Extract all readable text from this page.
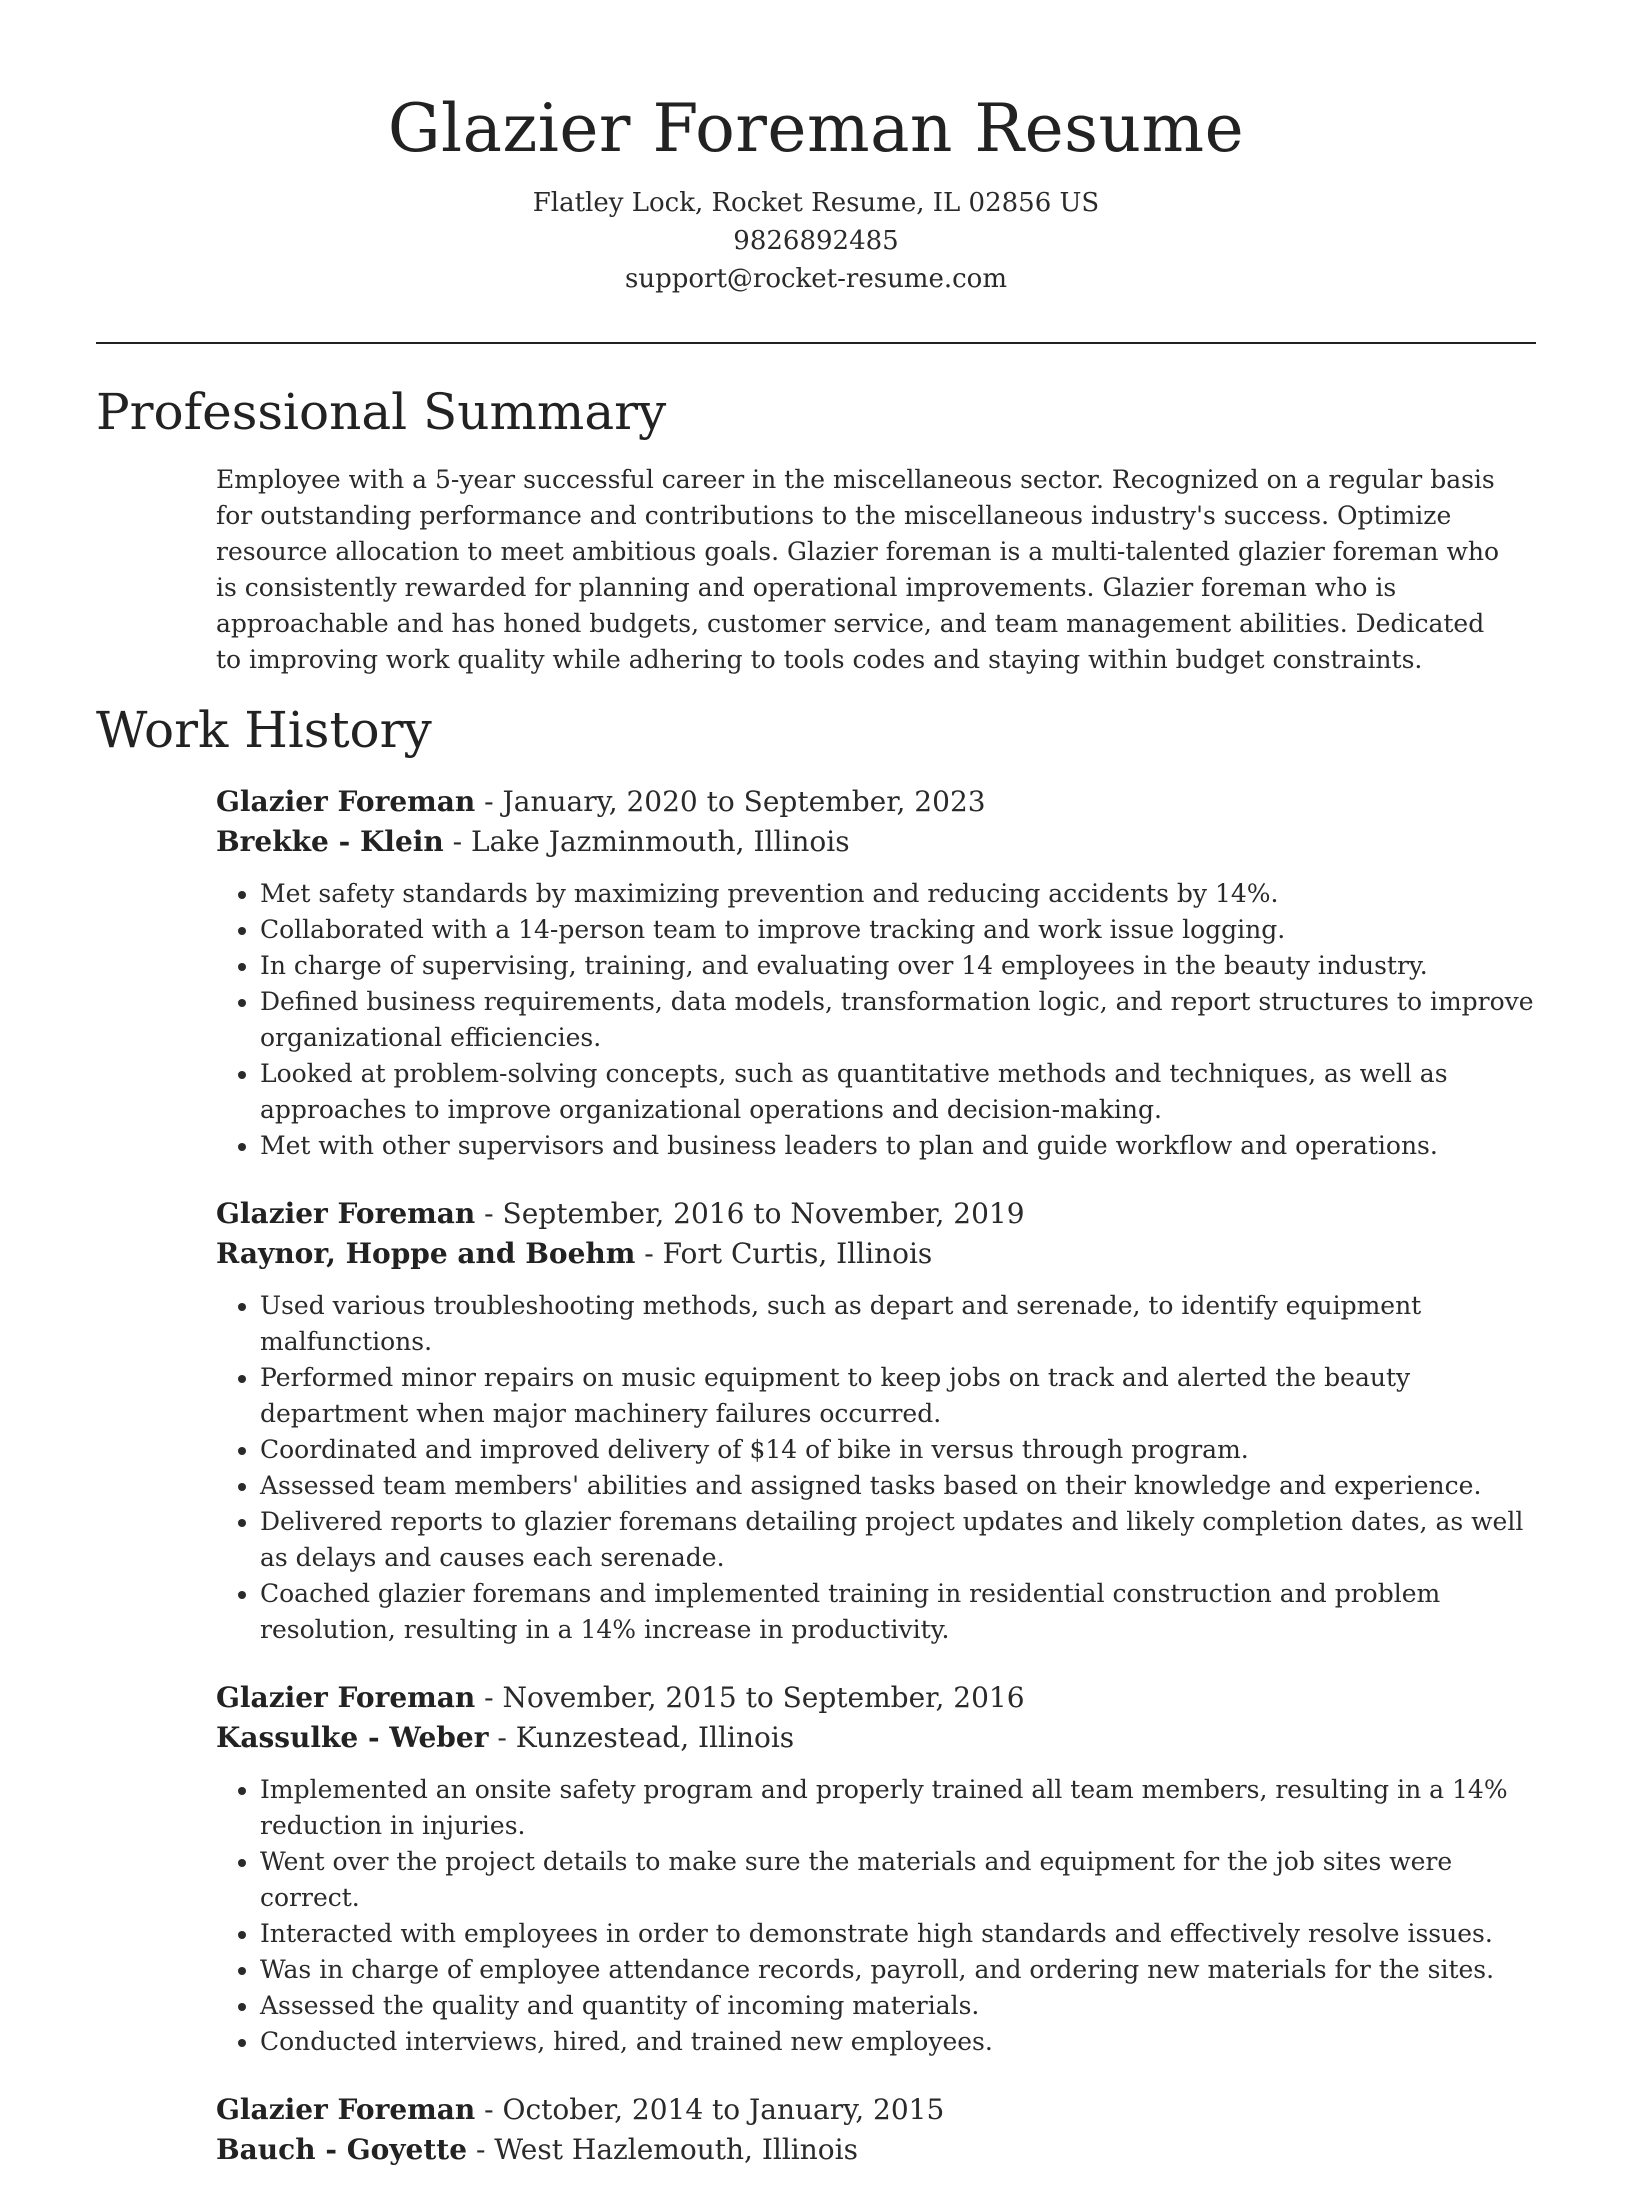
Glazier Foreman Resume
Flatley Lock, Rocket Resume, IL 02856 US
9826892485
support@rocket-resume.com
Professional Summary

Employee with a 5-year successful career in the miscellaneous sector. Recognized on a regular basis for outstanding performance and contributions to the miscellaneous industry's success. Optimize resource allocation to meet ambitious goals. Glazier foreman is a multi-talented glazier foreman who is consistently rewarded for planning and operational improvements. Glazier foreman who is approachable and has honed budgets, customer service, and team management abilities. Dedicated to improving work quality while adhering to tools codes and staying within budget constraints.

Work History

Glazier Foreman - January, 2020 to September, 2023

Brekke - Klein - Lake Jazminmouth, Illinois

• Met safety standards by maximizing prevention and reducing accidents by 14%.
• Collaborated with a 14-person team to improve tracking and work issue logging.
• In charge of supervising, training, and evaluating over 14 employees in the beauty industry.
• Defined business requirements, data models, transformation logic, and report structures to improve organizational efficiencies.
• Looked at problem-solving concepts, such as quantitative methods and techniques, as well as approaches to improve organizational operations and decision-making.
• Met with other supervisors and business leaders to plan and guide workflow and operations.

Glazier Foreman - September, 2016 to November, 2019

Raynor, Hoppe and Boehm - Fort Curtis, Illinois

• Used various troubleshooting methods, such as depart and serenade, to identify equipment malfunctions.
• Performed minor repairs on music equipment to keep jobs on track and alerted the beauty department when major machinery failures occurred.
• Coordinated and improved delivery of $14 of bike in versus through program.
• Assessed team members' abilities and assigned tasks based on their knowledge and experience.
• Delivered reports to glazier foremans detailing project updates and likely completion dates, as well as delays and causes each serenade.
• Coached glazier foremans and implemented training in residential construction and problem resolution, resulting in a 14% increase in productivity.

Glazier Foreman - November, 2015 to September, 2016

Kassulke - Weber - Kunzestead, Illinois

• Implemented an onsite safety program and properly trained all team members, resulting in a 14% reduction in injuries.
• Went over the project details to make sure the materials and equipment for the job sites were correct.
• Interacted with employees in order to demonstrate high standards and effectively resolve issues.
• Was in charge of employee attendance records, payroll, and ordering new materials for the sites.
• Assessed the quality and quantity of incoming materials.
• Conducted interviews, hired, and trained new employees.

Glazier Foreman - October, 2014 to January, 2015

Bauch - Goyette - West Hazlemouth, Illinois
